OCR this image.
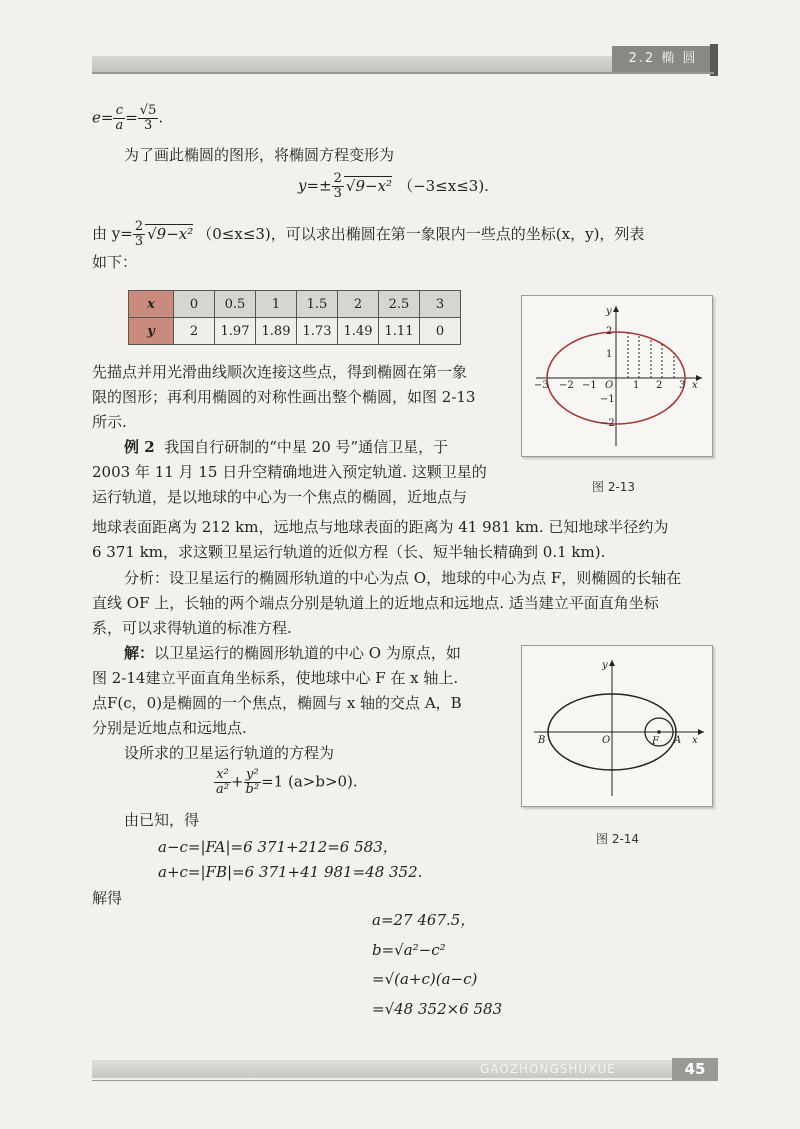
2.2 椭 圆
$e= \frac{c}{a} = \frac{√5}{3}$ .
为了画此椭圆的图形，将椭圆方程变形为
$y=\pm \frac{2}{3} √9-x^2$ （−3≤x≤3).
由 $y= \frac{2}{3} √9-x^2$ （0≤x≤3)，可以求出椭圆在第一象限内一些点的坐标(x，y)，列表
如下：
x	0	0.5	1	1.5	2	2.5	3
y	2	1.97	1.89	1.73	1.49	1.11	0
−3 −2 −1 O 1 2 3 x
y
2
1
−1
−2
图 2-13
先描点并用光滑曲线顺次连接这些点，得到椭圆在第一象
限的图形；再利用椭圆的对称性画出整个椭圆，如图 2-13
所示.
例 2 我国自行研制的“中星 20 号”通信卫星，于
2003 年 11 月 15 日升空精确地进入预定轨道. 这颗卫星的
运行轨道，是以地球的中心为一个焦点的椭圆，近地点与
地球表面距离为 212 km，远地点与地球表面的距离为 41 981 km. 已知地球半径约为
6 371 km，求这颗卫星运行轨道的近似方程（长、短半轴长精确到 0.1 km).
分析：设卫星运行的椭圆形轨道的中心为点 O，地球的中心为点 F，则椭圆的长轴在
直线 OF 上，长轴的两个端点分别是轨道上的近地点和远地点. 适当建立平面直角坐标
系，可以求得轨道的标准方程.
解：以卫星运行的椭圆形轨道的中心 O 为原点，如
图 2-14建立平面直角坐标系，使地球中心 F 在 x 轴上.
点F(c，0)是椭圆的一个焦点，椭圆与 x 轴的交点 A，B
分别是近地点和远地点.
设所求的卫星运行轨道的方程为
$\frac{\text{x²}}{\text{a²}} + \frac{\text{y²}}{\text{b²}} =1$ (a>b>0).
y
x
B	O	F A
图 2-14
由已知，得
a−c=|FA|=6 371+212=6 583，
a+c=|FB|=6 371+41 981=48 352.
解得
a=27 467.5，
b=√a²−c²
=√(a+c)(a−c)
=√48 352×6 583
GAOZHONGSHUXUE	45
